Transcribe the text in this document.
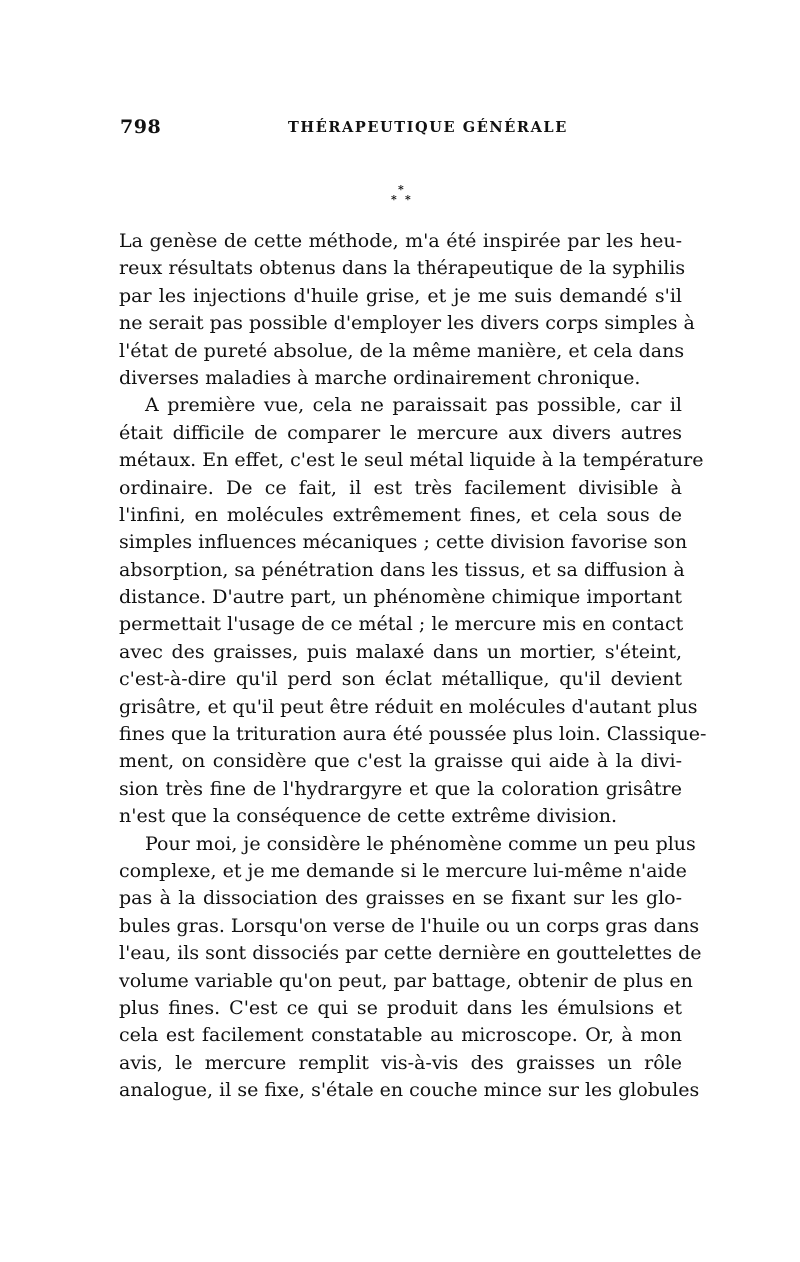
798	THÉRAPEUTIQUE GÉNÉRALE
*
* *
La genèse de cette méthode, m'a été inspirée par les heu-
reux résultats obtenus dans la thérapeutique de la syphilis
par les injections d'huile grise, et je me suis demandé s'il
ne serait pas possible d'employer les divers corps simples à
l'état de pureté absolue, de la même manière, et cela dans
diverses maladies à marche ordinairement chronique.
A première vue, cela ne paraissait pas possible, car il
était difficile de comparer le mercure aux divers autres
métaux. En effet, c'est le seul métal liquide à la température
ordinaire. De ce fait, il est très facilement divisible à
l'infini, en molécules extrêmement fines, et cela sous de
simples influences mécaniques ; cette division favorise son
absorption, sa pénétration dans les tissus, et sa diffusion à
distance. D'autre part, un phénomène chimique important
permettait l'usage de ce métal ; le mercure mis en contact
avec des graisses, puis malaxé dans un mortier, s'éteint,
c'est-à-dire qu'il perd son éclat métallique, qu'il devient
grisâtre, et qu'il peut être réduit en molécules d'autant plus
fines que la trituration aura été poussée plus loin. Classique-
ment, on considère que c'est la graisse qui aide à la divi-
sion très fine de l'hydrargyre et que la coloration grisâtre
n'est que la conséquence de cette extrême division.
Pour moi, je considère le phénomène comme un peu plus
complexe, et je me demande si le mercure lui-même n'aide
pas à la dissociation des graisses en se fixant sur les glo-
bules gras. Lorsqu'on verse de l'huile ou un corps gras dans
l'eau, ils sont dissociés par cette dernière en gouttelettes de
volume variable qu'on peut, par battage, obtenir de plus en
plus fines. C'est ce qui se produit dans les émulsions et
cela est facilement constatable au microscope. Or, à mon
avis, le mercure remplit vis-à-vis des graisses un rôle
analogue, il se fixe, s'étale en couche mince sur les globules
